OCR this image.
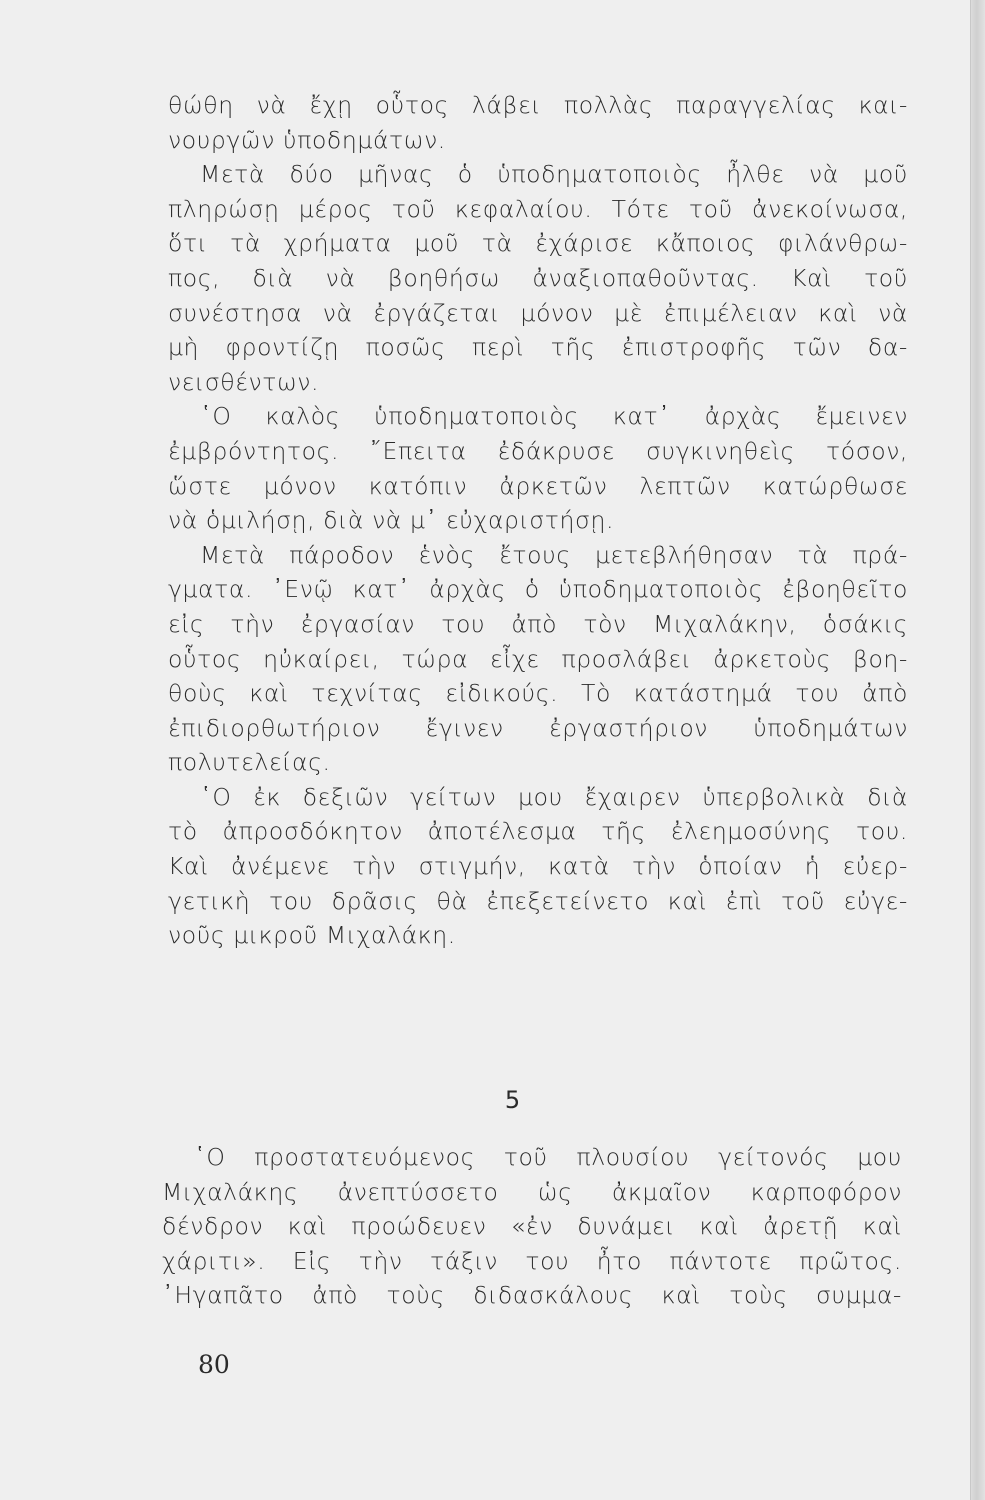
θώθη νὰ ἔχῃ οὗτος λάβει πολλὰς παραγγελίας και-
νουργῶν ὑποδημάτων.
Μετὰ δύο μῆνας ὁ ὑποδηματοποιὸς ἦλθε νὰ μοῦ
πληρώσῃ μέρος τοῦ κεφαλαίου. Τότε τοῦ ἀνεκοίνωσα,
ὅτι τὰ χρήματα μοῦ τὰ ἐχάρισε κἄποιος φιλάνθρω-
πος, διὰ νὰ βοηθήσω ἀναξιοπαθοῦντας. Καὶ τοῦ
συνέστησα νὰ ἐργάζεται μόνον μὲ ἐπιμέλειαν καὶ νὰ
μὴ φροντίζῃ ποσῶς περὶ τῆς ἐπιστροφῆς τῶν δα-
νεισθέντων.
῾Ο καλὸς ὑποδηματοποιὸς κατ᾿ ἀρχὰς ἔμεινεν
ἐμβρόντητος. ῎Επειτα ἐδάκρυσε συγκινηθεὶς τόσον,
ὥστε μόνον κατόπιν ἀρκετῶν λεπτῶν κατώρθωσε
νὰ ὁμιλήσῃ, διὰ νὰ μ᾿ εὐχαριστήσῃ.
Μετὰ πάροδον ἑνὸς ἔτους μετεβλήθησαν τὰ πρά-
γματα. ᾿Ενῷ κατ᾿ ἀρχὰς ὁ ὑποδηματοποιὸς ἐβοηθεῖτο
εἰς τὴν ἐργασίαν του ἀπὸ τὸν Μιχαλάκην, ὁσάκις
οὗτος ηὐκαίρει, τώρα εἶχε προσλάβει ἀρκετοὺς βοη-
θοὺς καὶ τεχνίτας εἰδικούς. Τὸ κατάστημά του ἀπὸ
ἐπιδιορθωτήριον ἔγινεν ἐργαστήριον ὑποδημάτων
πολυτελείας.
῾Ο ἐκ δεξιῶν γείτων μου ἔχαιρεν ὑπερβολικὰ διὰ
τὸ ἀπροσδόκητον ἀποτέλεσμα τῆς ἐλεημοσύνης του.
Καὶ ἀνέμενε τὴν στιγμήν, κατὰ τὴν ὁποίαν ἡ εὐερ-
γετικὴ του δρᾶσις θὰ ἐπεξετείνετο καὶ ἐπὶ τοῦ εὐγε-
νοῦς μικροῦ Μιχαλάκη.
5
῾Ο προστατευόμενος τοῦ πλουσίου γείτονός μου
Μιχαλάκης ἀνεπτύσσετο ὡς ἀκμαῖον καρποφόρον
δένδρον καὶ προώδευεν «ἐν δυνάμει καὶ ἀρετῇ καὶ
χάριτι». Εἰς τὴν τάξιν του ἦτο πάντοτε πρῶτος.
᾿Ηγαπᾶτο ἀπὸ τοὺς διδασκάλους καὶ τοὺς συμμα-
80
